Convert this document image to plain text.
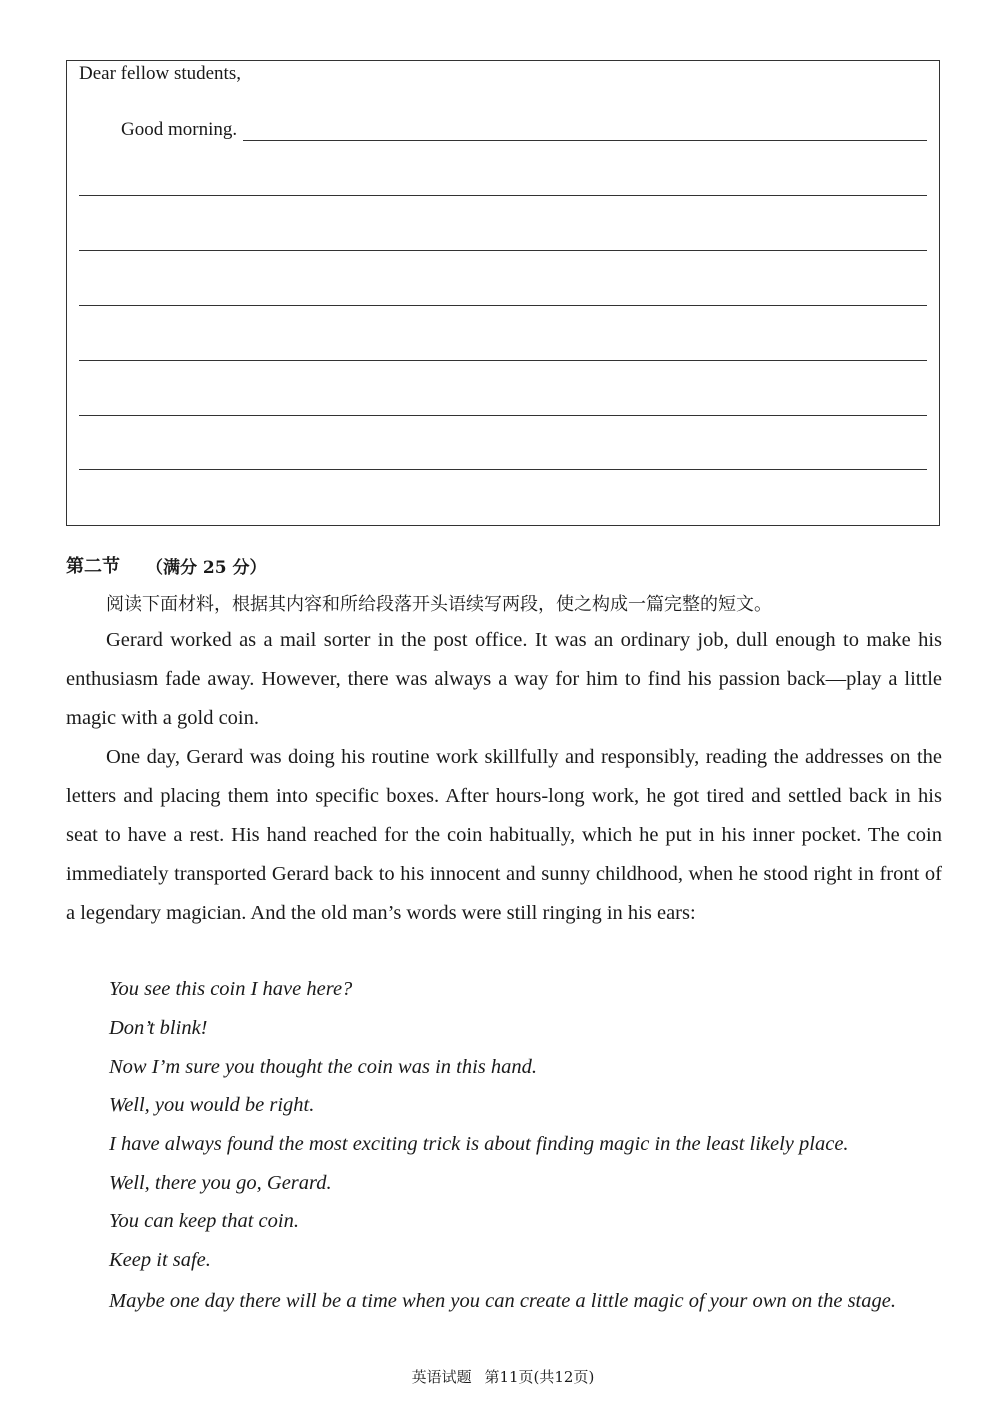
Dear fellow students,
Good morning.
第二节 （满分 25 分）
阅读下面材料，根据其内容和所给段落开头语续写两段，使之构成一篇完整的短文。

Gerard worked as a mail sorter in the post office. It was an ordinary job, dull enough to make his enthusiasm fade away. However, there was always a way for him to find his passion back—play a little magic with a gold coin.

One day, Gerard was doing his routine work skillfully and responsibly, reading the addresses on the letters and placing them into specific boxes. After hours-long work, he got tired and settled back in his seat to have a rest. His hand reached for the coin habitually, which he put in his inner pocket. The coin immediately transported Gerard back to his innocent and sunny childhood, when he stood right in front of a legendary magician. And the old man’s words were still ringing in his ears:

You see this coin I have here?
Don’t blink!
Now I’m sure you thought the coin was in this hand.
Well, you would be right.
I have always found the most exciting trick is about finding magic in the least likely place.
Well, there you go, Gerard.
You can keep that coin.
Keep it safe.

Maybe one day there will be a time when you can create a little magic of your own on the stage.

英语试题 第11页(共12页)
